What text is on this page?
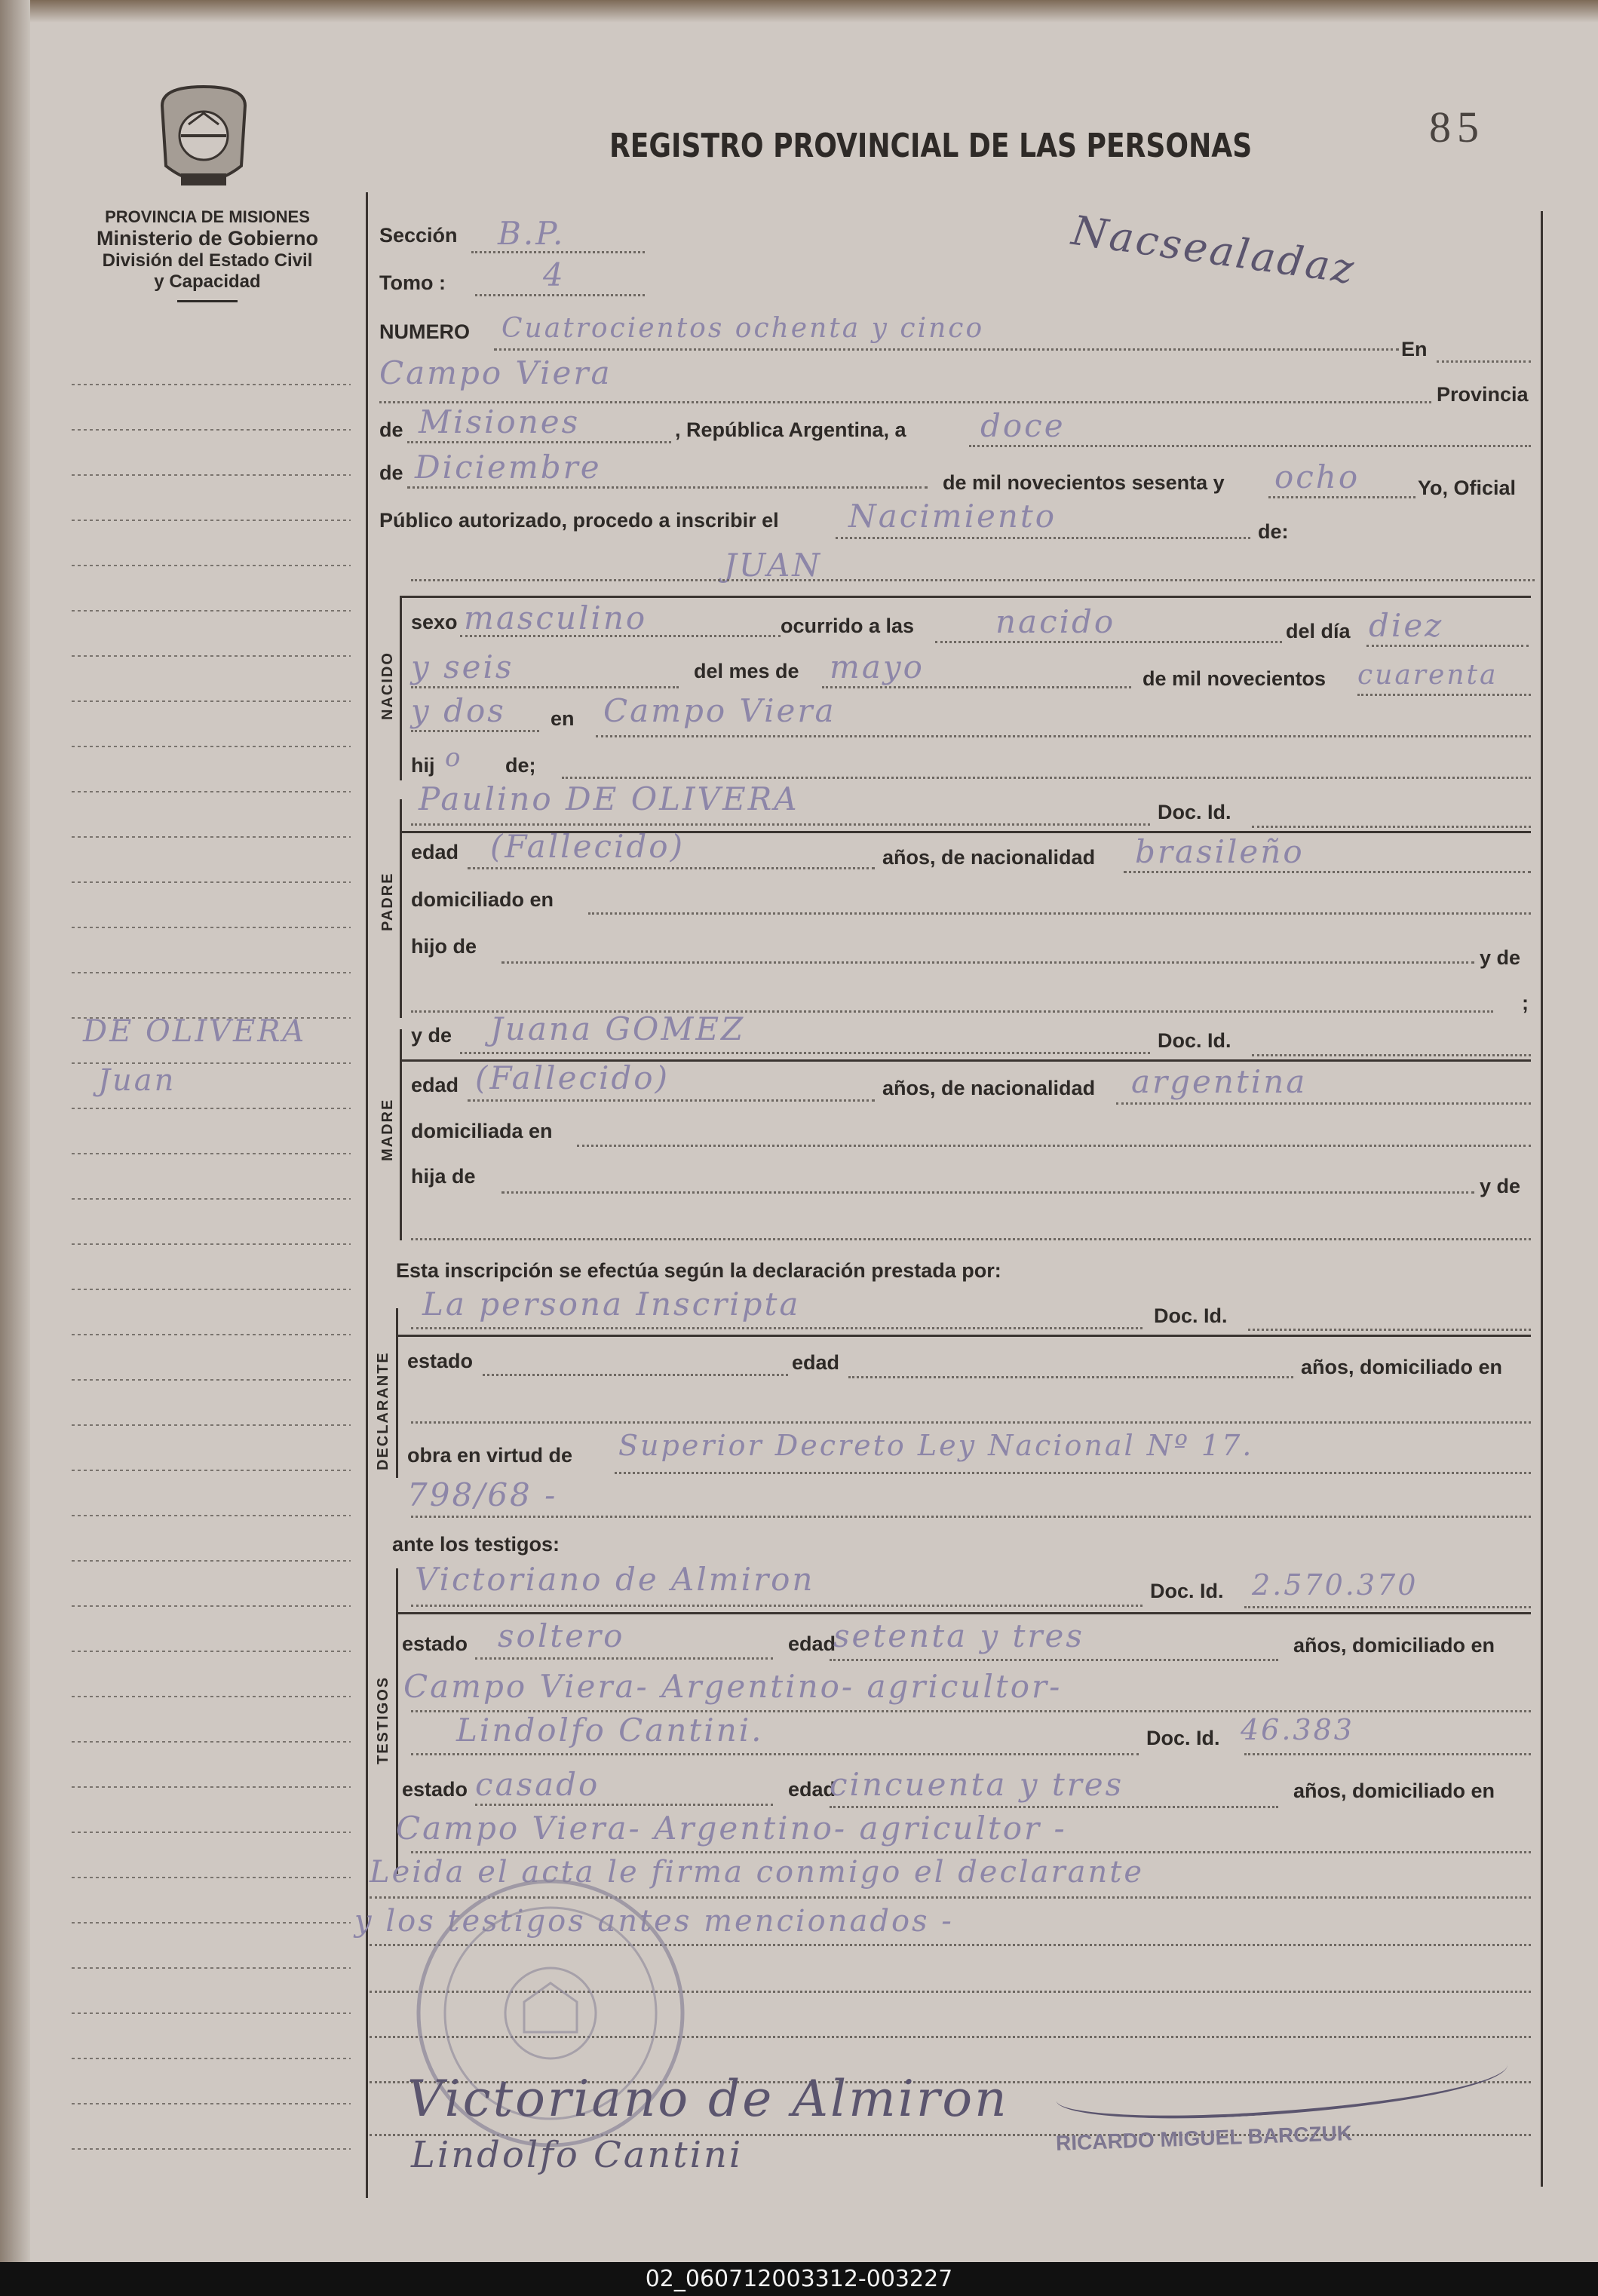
PROVINCIA DE MISIONES
Ministerio de Gobierno
División del Estado Civil
y Capacidad
REGISTRO PROVINCIAL DE LAS PERSONAS	85
Nacsealadaz
DE OLIVERA
Juan
Sección B.P.
Tomo :	4
NUMERO Cuatrocientos ochenta y cinco
En
Campo Viera
Provincia
de Misiones	, República Argentina, a doce
de Diciembre	de mil novecientos sesenta y ocho	Yo, Oficial
Público autorizado, procedo a inscribir el Nacimiento	de:
JUAN
NACIDO
sexo masculino	ocurrido a las	nacido	del día diez
y seis	del mes de mayo	de mil novecientos cuarenta
y dos en Campo Viera
hij o de;
PADRE
Paulino DE OLIVERA	Doc. Id.
edad (Fallecido)	años, de nacionalidad brasileño
domiciliado en
hijo de	y de
;
MADRE
y de Juana GOMEZ	Doc. Id.
edad (Fallecido)	años, de nacionalidad argentina
domiciliada en
hija de	y de
Esta inscripción se efectúa según la declaración prestada por:
DECLARANTE
La persona Inscripta	Doc. Id.
estado	edad	años, domiciliado en
obra en virtud de Superior Decreto Ley Nacional Nº 17.
798/68 -
ante los testigos:
TESTIGOS
Victoriano de Almiron	Doc. Id. 2.570.370
estado soltero	edad
setenta y tres	años, domiciliado en
Campo Viera- Argentino- agricultor-
Lindolfo Cantini.	Doc. Id. 46.383
estado casado	edad
cincuenta y tres	años, domiciliado en
Campo Viera- Argentino- agricultor -
Leida el acta le firma conmigo el declarante
y los testigos antes mencionados -
Victoriano de Almiron
Lindolfo Cantini	RICARDO MIGUEL BARCZUK
02_060712003312-003227
